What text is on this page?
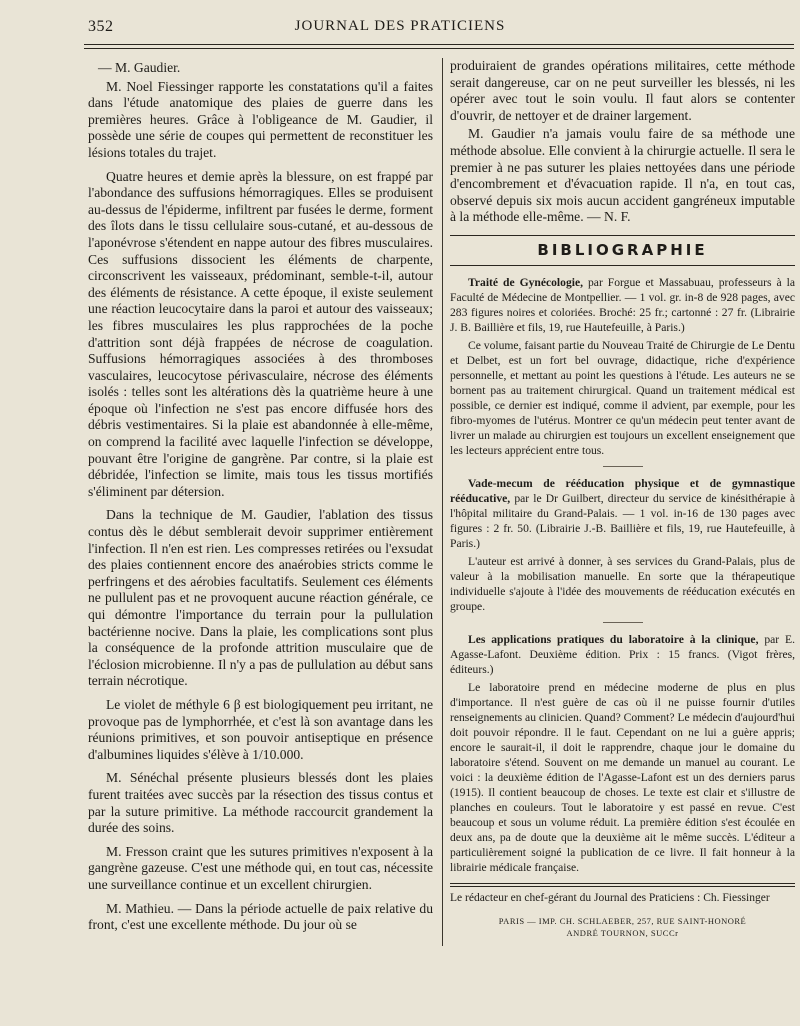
352	JOURNAL DES PRATICIENS

— M. Gaudier.

M. Noel Fiessinger rapporte les constatations qu'il a faites dans l'étude anatomique des plaies de guerre dans les premières heures. Grâce à l'obligeance de M. Gaudier, il possède une série de coupes qui permettent de reconstituer les lésions totales du trajet.

Quatre heures et demie après la blessure, on est frappé par l'abondance des suffusions hémorragiques. Elles se produisent au-dessus de l'épiderme, infiltrent par fusées le derme, forment des îlots dans le tissu cellulaire sous-cutané, et au-dessous de l'aponévrose s'étendent en nappe autour des fibres musculaires. Ces suffusions dissocient les éléments de charpente, circonscrivent les vaisseaux, prédominant, semble-t-il, autour des éléments de résistance. A cette époque, il existe seulement une réaction leucocytaire dans la paroi et autour des vaisseaux; les fibres musculaires les plus rapprochées de la poche d'attrition sont déjà frappées de nécrose de coagulation. Suffusions hémorragiques associées à des thromboses vasculaires, leucocytose périvasculaire, nécrose des éléments isolés : telles sont les altérations dès la quatrième heure à une époque où l'infection ne s'est pas encore diffusée hors des débris vestimentaires. Si la plaie est abandonnée à elle-même, on comprend la facilité avec laquelle l'infection se développe, pouvant être l'origine de gangrène. Par contre, si la plaie est débridée, l'infection se limite, mais tous les tissus mortifiés s'éliminent par détersion.

Dans la technique de M. Gaudier, l'ablation des tissus contus dès le début semblerait devoir supprimer entièrement l'infection. Il n'en est rien. Les compresses retirées ou l'exsudat des plaies contiennent encore des anaérobies stricts comme le perfringens et des aérobies facultatifs. Seulement ces éléments ne pullulent pas et ne provoquent aucune réaction générale, ce qui démontre l'importance du terrain pour la pullulation bactérienne nocive. Dans la plaie, les complications sont plus la conséquence de la profonde attrition musculaire que de l'éclosion microbienne. Il n'y a pas de pullulation au début sans terrain nécrotique.

Le violet de méthyle 6 β est biologiquement peu irritant, ne provoque pas de lymphorrhée, et c'est là son avantage dans les réunions primitives, et son pouvoir antiseptique en présence d'albumines liquides s'élève à 1/10.000.

M. Sénéchal présente plusieurs blessés dont les plaies furent traitées avec succès par la résection des tissus contus et par la suture primitive. La méthode raccourcit grandement la durée des soins.

M. Fresson craint que les sutures primitives n'exposent à la gangrène gazeuse. C'est une méthode qui, en tout cas, nécessite une surveillance continue et un excellent chirurgien.

M. Mathieu. — Dans la période actuelle de paix relative du front, c'est une excellente méthode. Du jour où se

produiraient de grandes opérations militaires, cette méthode serait dangereuse, car on ne peut surveiller les blessés, ni les opérer avec tout le soin voulu. Il faut alors se contenter d'ouvrir, de nettoyer et de drainer largement.

M. Gaudier n'a jamais voulu faire de sa méthode une méthode absolue. Elle convient à la chirurgie actuelle. Il sera le premier à ne pas suturer les plaies nettoyées dans une période d'encombrement et d'évacuation rapide. Il n'a, en tout cas, observé depuis six mois aucun accident gangréneux imputable à la méthode elle-même. — N. F.

BIBLIOGRAPHIE

Traité de Gynécologie, par Forgue et Massabuau, professeurs à la Faculté de Médecine de Montpellier. — 1 vol. gr. in-8 de 928 pages, avec 283 figures noires et coloriées. Broché: 25 fr.; cartonné : 27 fr. (Librairie J. B. Baillière et fils, 19, rue Hautefeuille, à Paris.)

Ce volume, faisant partie du Nouveau Traité de Chirurgie de Le Dentu et Delbet, est un fort bel ouvrage, didactique, riche d'expérience personnelle, et mettant au point les questions à l'étude. Les auteurs ne se bornent pas au traitement chirurgical. Quand un traitement médical est possible, ce dernier est indiqué, comme il advient, par exemple, pour les fibro-myomes de l'utérus. Montrer ce qu'un médecin peut tenter avant de livrer un malade au chirurgien est toujours un excellent enseignement que les lecteurs apprécient entre tous.

Vade-mecum de rééducation physique et de gymnastique rééducative, par le Dr Guilbert, directeur du service de kinésithérapie à l'hôpital militaire du Grand-Palais. — 1 vol. in-16 de 130 pages avec figures : 2 fr. 50. (Librairie J.-B. Baillière et fils, 19, rue Hautefeuille, à Paris.)

L'auteur est arrivé à donner, à ses services du Grand-Palais, plus de valeur à la mobilisation manuelle. En sorte que la thérapeutique individuelle s'ajoute à l'idée des mouvements de rééducation exécutés en groupe.

Les applications pratiques du laboratoire à la clinique, par E. Agasse-Lafont. Deuxième édition. Prix : 15 francs. (Vigot frères, éditeurs.)

Le laboratoire prend en médecine moderne de plus en plus d'importance. Il n'est guère de cas où il ne puisse fournir d'utiles renseignements au clinicien. Quand? Comment? Le médecin d'aujourd'hui doit pouvoir répondre. Il le faut. Cependant on ne lui a guère appris; encore le saurait-il, il doit le rapprendre, chaque jour le domaine du laboratoire s'étend. Souvent on me demande un manuel au courant. Le voici : la deuxième édition de l'Agasse-Lafont est un des derniers parus (1915). Il contient beaucoup de choses. Le texte est clair et s'illustre de planches en couleurs. Tout le laboratoire y est passé en revue. C'est beaucoup et sous un volume réduit. La première édition s'est écoulée en deux ans, pa de doute que la deuxième ait le même succès. L'éditeur a particulièrement soigné la publication de ce livre. Il fait honneur à la librairie médicale française.

Le rédacteur en chef-gérant du Journal des Praticiens : Ch. Fiessinger

PARIS — IMP. CH. SCHLAEBER, 257, RUE SAINT-HONORÉ
ANDRÉ TOURNON, SUCCr
